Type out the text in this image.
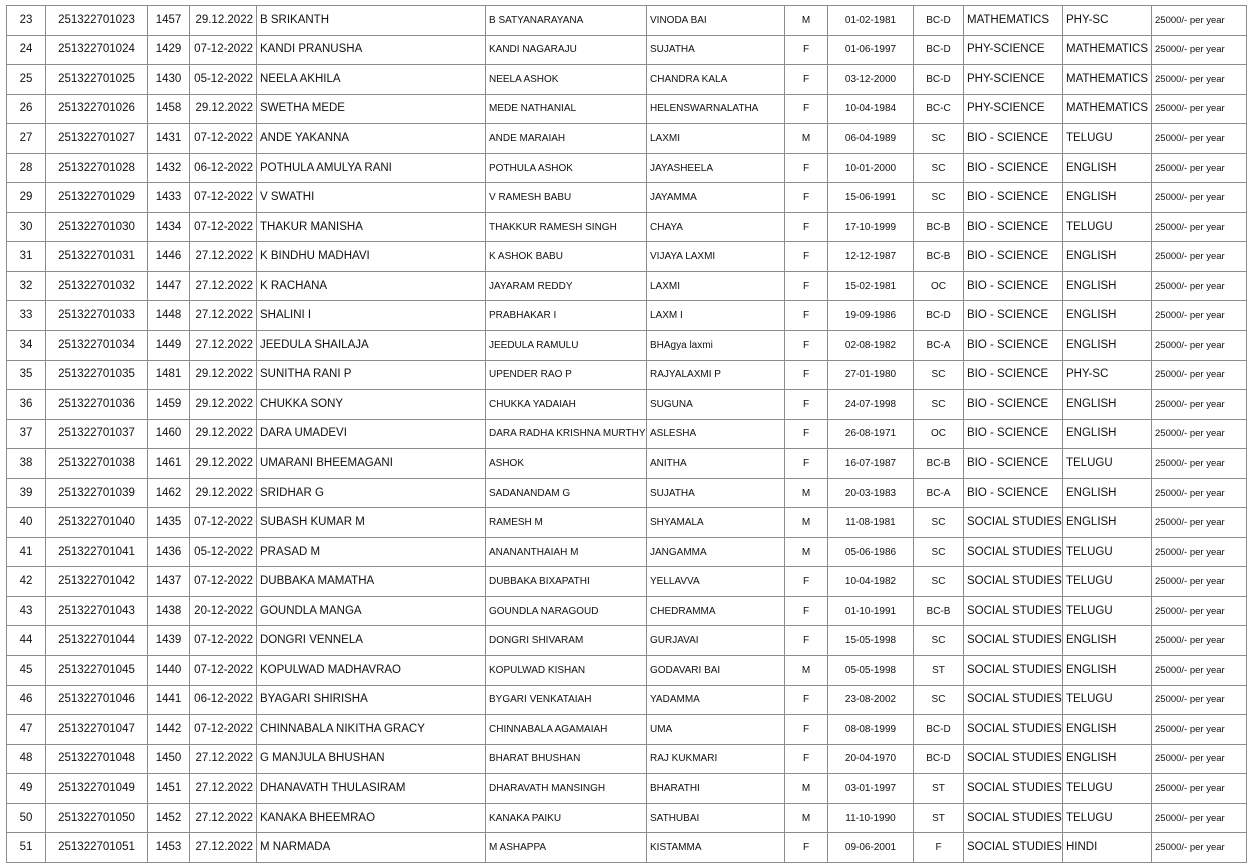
23	251322701023	1457	29.12.2022	B SRIKANTH	B SATYANARAYANA	VINODA BAI	M	01-02-1981	BC-D	MATHEMATICS	PHY-SC	25000/- per year
24	251322701024	1429	07-12-2022	KANDI PRANUSHA	KANDI NAGARAJU	SUJATHA	F	01-06-1997	BC-D	PHY-SCIENCE	MATHEMATICS	25000/- per year
25	251322701025	1430	05-12-2022	NEELA AKHILA	NEELA ASHOK	CHANDRA KALA	F	03-12-2000	BC-D	PHY-SCIENCE	MATHEMATICS	25000/- per year
26	251322701026	1458	29.12.2022	SWETHA MEDE	MEDE NATHANIAL	HELENSWARNALATHA	F	10-04-1984	BC-C	PHY-SCIENCE	MATHEMATICS	25000/- per year
27	251322701027	1431	07-12-2022	ANDE YAKANNA	ANDE MARAIAH	LAXMI	M	06-04-1989	SC	BIO - SCIENCE	TELUGU	25000/- per year
28	251322701028	1432	06-12-2022	POTHULA AMULYA RANI	POTHULA ASHOK	JAYASHEELA	F	10-01-2000	SC	BIO - SCIENCE	ENGLISH	25000/- per year
29	251322701029	1433	07-12-2022	V SWATHI	V RAMESH BABU	JAYAMMA	F	15-06-1991	SC	BIO - SCIENCE	ENGLISH	25000/- per year
30	251322701030	1434	07-12-2022	THAKUR MANISHA	THAKKUR RAMESH SINGH	CHAYA	F	17-10-1999	BC-B	BIO - SCIENCE	TELUGU	25000/- per year
31	251322701031	1446	27.12.2022	K BINDHU MADHAVI	K ASHOK BABU	VIJAYA LAXMI	F	12-12-1987	BC-B	BIO - SCIENCE	ENGLISH	25000/- per year
32	251322701032	1447	27.12.2022	K RACHANA	JAYARAM REDDY	LAXMI	F	15-02-1981	OC	BIO - SCIENCE	ENGLISH	25000/- per year
33	251322701033	1448	27.12.2022	SHALINI I	PRABHAKAR I	LAXM I	F	19-09-1986	BC-D	BIO - SCIENCE	ENGLISH	25000/- per year
34	251322701034	1449	27.12.2022	JEEDULA SHAILAJA	JEEDULA RAMULU	BHAgya laxmi	F	02-08-1982	BC-A	BIO - SCIENCE	ENGLISH	25000/- per year
35	251322701035	1481	29.12.2022	SUNITHA RANI P	UPENDER RAO P	RAJYALAXMI P	F	27-01-1980	SC	BIO - SCIENCE	PHY-SC	25000/- per year
36	251322701036	1459	29.12.2022	CHUKKA SONY	CHUKKA YADAIAH	SUGUNA	F	24-07-1998	SC	BIO - SCIENCE	ENGLISH	25000/- per year
37	251322701037	1460	29.12.2022	DARA UMADEVI	DARA RADHA KRISHNA MURTHY	ASLESHA	F	26-08-1971	OC	BIO - SCIENCE	ENGLISH	25000/- per year
38	251322701038	1461	29.12.2022	UMARANI BHEEMAGANI	ASHOK	ANITHA	F	16-07-1987	BC-B	BIO - SCIENCE	TELUGU	25000/- per year
39	251322701039	1462	29.12.2022	SRIDHAR G	SADANANDAM G	SUJATHA	M	20-03-1983	BC-A	BIO - SCIENCE	ENGLISH	25000/- per year
40	251322701040	1435	07-12-2022	SUBASH KUMAR M	RAMESH M	SHYAMALA	M	11-08-1981	SC	SOCIAL STUDIES	ENGLISH	25000/- per year
41	251322701041	1436	05-12-2022	PRASAD M	ANANANTHAIAH M	JANGAMMA	M	05-06-1986	SC	SOCIAL STUDIES	TELUGU	25000/- per year
42	251322701042	1437	07-12-2022	DUBBAKA MAMATHA	DUBBAKA BIXAPATHI	YELLAVVA	F	10-04-1982	SC	SOCIAL STUDIES	TELUGU	25000/- per year
43	251322701043	1438	20-12-2022	GOUNDLA MANGA	GOUNDLA NARAGOUD	CHEDRAMMA	F	01-10-1991	BC-B	SOCIAL STUDIES	TELUGU	25000/- per year
44	251322701044	1439	07-12-2022	DONGRI VENNELA	DONGRI SHIVARAM	GURJAVAI	F	15-05-1998	SC	SOCIAL STUDIES	ENGLISH	25000/- per year
45	251322701045	1440	07-12-2022	KOPULWAD MADHAVRAO	KOPULWAD KISHAN	GODAVARI BAI	M	05-05-1998	ST	SOCIAL STUDIES	ENGLISH	25000/- per year
46	251322701046	1441	06-12-2022	BYAGARI SHIRISHA	BYGARI VENKATAIAH	YADAMMA	F	23-08-2002	SC	SOCIAL STUDIES	TELUGU	25000/- per year
47	251322701047	1442	07-12-2022	CHINNABALA NIKITHA GRACY	CHINNABALA AGAMAIAH	UMA	F	08-08-1999	BC-D	SOCIAL STUDIES	ENGLISH	25000/- per year
48	251322701048	1450	27.12.2022	G MANJULA BHUSHAN	BHARAT BHUSHAN	RAJ KUKMARI	F	20-04-1970	BC-D	SOCIAL STUDIES	ENGLISH	25000/- per year
49	251322701049	1451	27.12.2022	DHANAVATH THULASIRAM	DHARAVATH MANSINGH	BHARATHI	M	03-01-1997	ST	SOCIAL STUDIES	TELUGU	25000/- per year
50	251322701050	1452	27.12.2022	KANAKA BHEEMRAO	KANAKA PAIKU	SATHUBAI	M	11-10-1990	ST	SOCIAL STUDIES	TELUGU	25000/- per year
51	251322701051	1453	27.12.2022	M NARMADA	M ASHAPPA	KISTAMMA	F	09-06-2001	F	SOCIAL STUDIES	HINDI	25000/- per year
